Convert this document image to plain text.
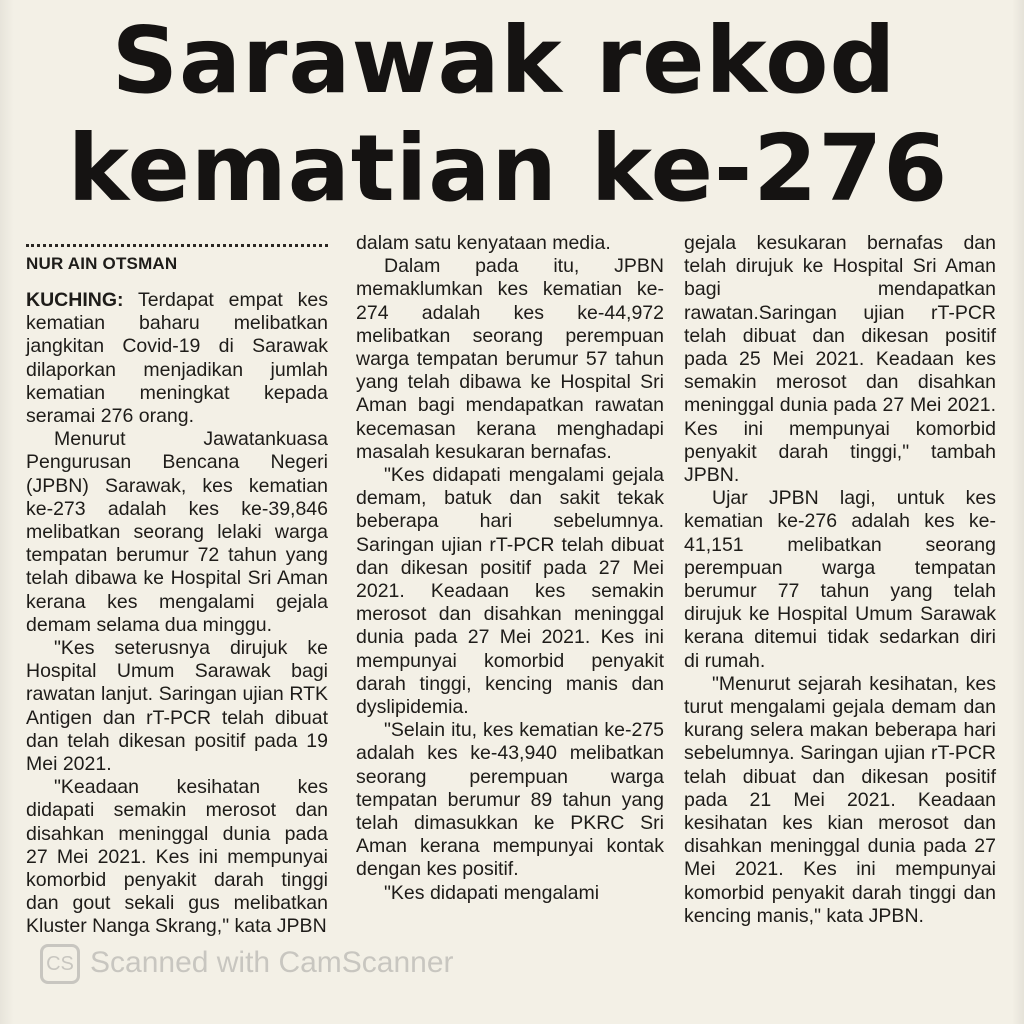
Sarawak rekod
kematian ke-276
NUR AIN OTSMAN

KUCHING: Terdapat empat kes kematian baharu melibatkan jangkitan Covid-19 di Sarawak dilaporkan menjadikan jumlah kematian meningkat kepada seramai 276 orang.

Menurut Jawatankuasa Pengurusan Bencana Negeri (JPBN) Sarawak, kes kematian ke-273 adalah kes ke-39,846 melibatkan seorang lelaki warga tempatan berumur 72 tahun yang telah dibawa ke Hospital Sri Aman kerana kes mengalami gejala demam selama dua minggu.

"Kes seterusnya dirujuk ke Hospital Umum Sarawak bagi rawatan lanjut. Saringan ujian RTK Antigen dan rT-PCR telah dibuat dan telah dikesan positif pada 19 Mei 2021.

"Keadaan kesihatan kes didapati semakin merosot dan disahkan meninggal dunia pada 27 Mei 2021. Kes ini mempunyai komorbid penyakit darah tinggi dan gout sekali gus melibatkan Kluster Nanga Skrang," kata JPBN

dalam satu kenyataan media.

Dalam pada itu, JPBN memaklumkan kes kematian ke-274 adalah kes ke-44,972 melibatkan seorang perempuan warga tempatan berumur 57 tahun yang telah dibawa ke Hospital Sri Aman bagi mendapatkan rawatan kecemasan kerana menghadapi masalah kesukaran bernafas.

"Kes didapati mengalami gejala demam, batuk dan sakit tekak beberapa hari sebelumnya. Saringan ujian rT-PCR telah dibuat dan dikesan positif pada 27 Mei 2021. Keadaan kes semakin merosot dan disahkan meninggal dunia pada 27 Mei 2021. Kes ini mempunyai komorbid penyakit darah tinggi, kencing manis dan dyslipidemia.

"Selain itu, kes kematian ke-275 adalah kes ke-43,940 melibatkan seorang perempuan warga tempatan berumur 89 tahun yang telah dimasukkan ke PKRC Sri Aman kerana mempunyai kontak dengan kes positif.

"Kes didapati mengalami

gejala kesukaran bernafas dan telah dirujuk ke Hospital Sri Aman bagi mendapatkan rawatan.Saringan ujian rT-PCR telah dibuat dan dikesan positif pada 25 Mei 2021. Keadaan kes semakin merosot dan disahkan meninggal dunia pada 27 Mei 2021. Kes ini mempunyai komorbid penyakit darah tinggi," tambah JPBN.

Ujar JPBN lagi, untuk kes kematian ke-276 adalah kes ke-41,151 melibatkan seorang perempuan warga tempatan berumur 77 tahun yang telah dirujuk ke Hospital Umum Sarawak kerana ditemui tidak sedarkan diri di rumah.

"Menurut sejarah kesihatan, kes turut mengalami gejala demam dan kurang selera makan beberapa hari sebelumnya. Saringan ujian rT-PCR telah dibuat dan dikesan positif pada 21 Mei 2021. Keadaan kesihatan kes kian merosot dan disahkan meninggal dunia pada 27 Mei 2021. Kes ini mempunyai komorbid penyakit darah tinggi dan kencing manis," kata JPBN.

CS Scanned with CamScanner
